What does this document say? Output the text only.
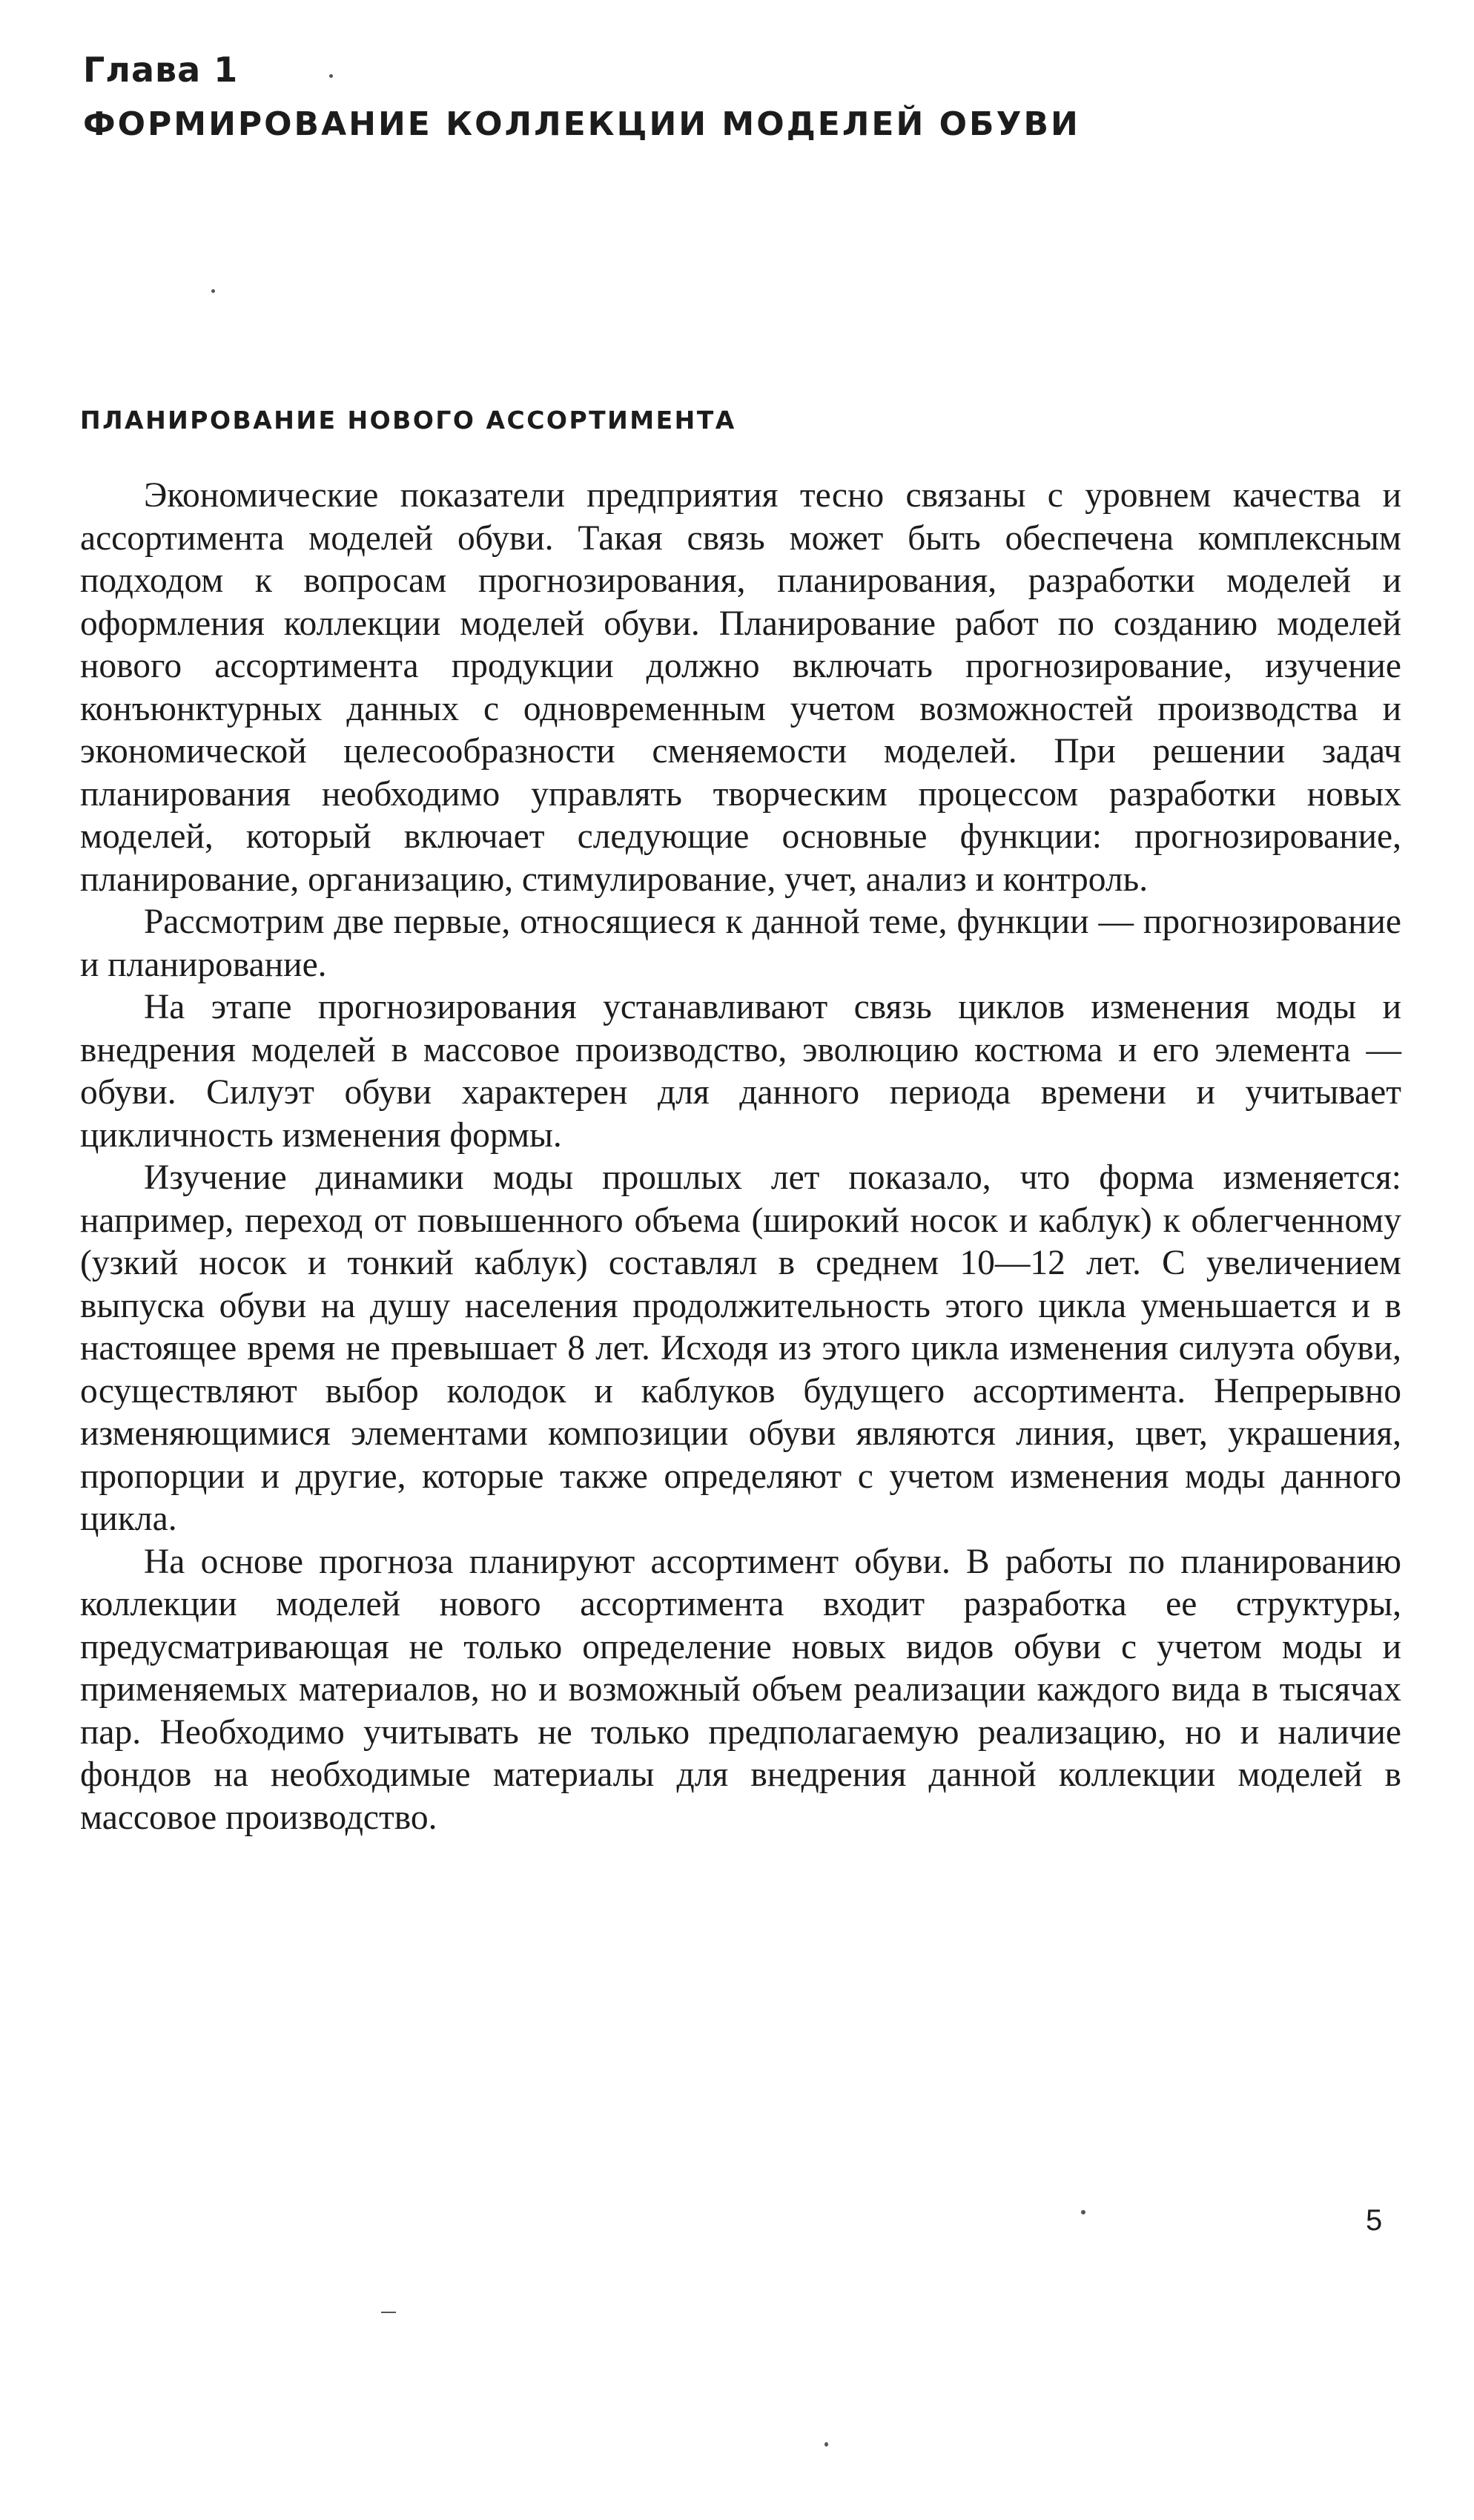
Глава 1
ФОРМИРОВАНИЕ КОЛЛЕКЦИИ МОДЕЛЕЙ ОБУВИ
ПЛАНИРОВАНИЕ НОВОГО АССОРТИМЕНТА

Экономические показатели предприятия тесно связаны с уровнем качества и ассортимента моделей обуви. Такая связь может быть обеспечена комплексным подходом к вопросам прогнозирования, планирования, разработки моделей и оформления коллекции моделей обуви. Планирование работ по созданию моделей нового ассортимента продукции должно включать прогнозирование, изучение конъюнктурных данных с одновременным учетом возможностей производства и экономической целесообразности сменяемости моделей. При решении задач планирования необходимо управлять творческим процессом разработки новых моделей, который включает следующие основные функции: прогнозирование, планирование, организацию, стимулирование, учет, анализ и контроль.

Рассмотрим две первые, относящиеся к данной теме, функции — прогнозирование и планирование.

На этапе прогнозирования устанавливают связь циклов изменения моды и внедрения моделей в массовое производство, эволюцию костюма и его элемента — обуви. Силуэт обуви характерен для данного периода времени и учитывает цикличность изменения формы.

Изучение динамики моды прошлых лет показало, что форма изменяется: например, переход от повышенного объема (широкий носок и каблук) к облегченному (узкий носок и тонкий каблук) составлял в среднем 10—12 лет. С увеличением выпуска обуви на душу населения продолжительность этого цикла уменьшается и в настоящее время не превышает 8 лет. Исходя из этого цикла изменения силуэта обуви, осуществляют выбор колодок и каблуков будущего ассортимента. Непрерывно изменяющимися элементами композиции обуви являются линия, цвет, украшения, пропорции и другие, которые также определяют с учетом изменения моды данного цикла.

На основе прогноза планируют ассортимент обуви. В работы по планированию коллекции моделей нового ассортимента входит разработка ее структуры, предусматривающая не только определение новых видов обуви с учетом моды и применяемых материалов, но и возможный объем реализации каждого вида в тысячах пар. Необходимо учитывать не только предполагаемую реализацию, но и наличие фондов на необходимые материалы для внедрения данной коллекции моделей в массовое производство.

5
